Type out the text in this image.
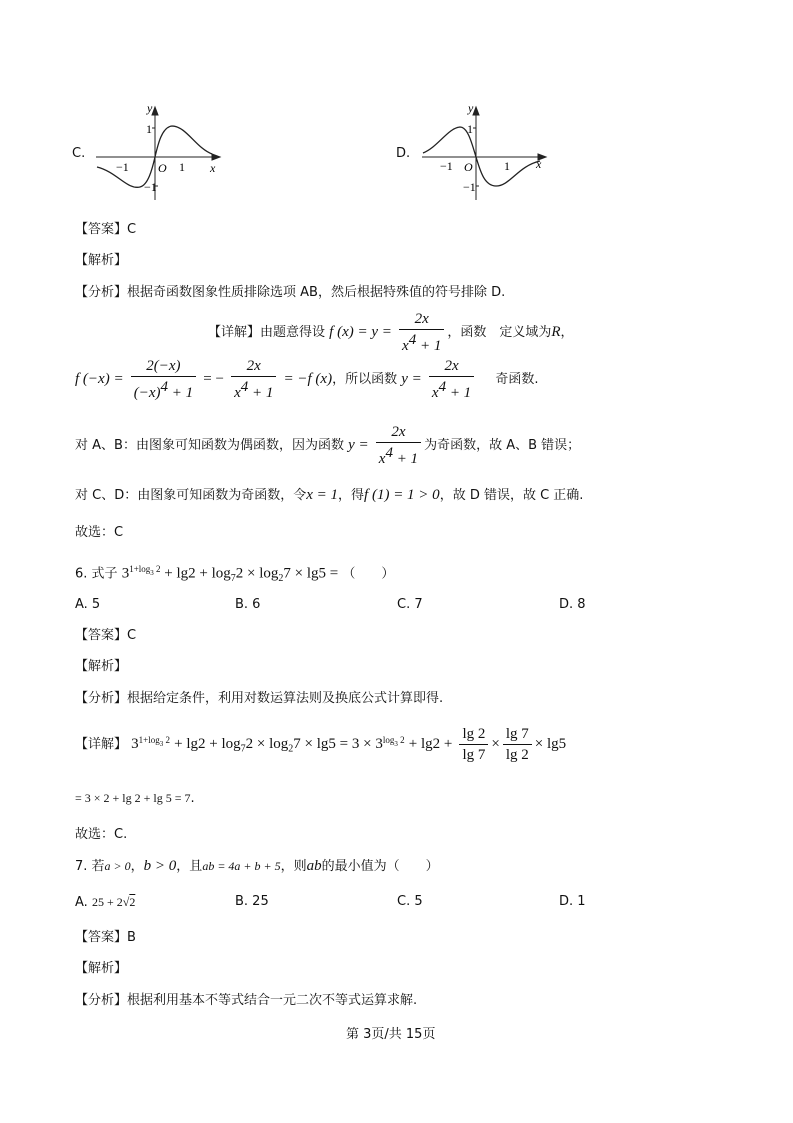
C.
y
x
1
−1
O 1
−1
D.
y
x
1
−1
O	1
−1
【答案】C
【解析】
【分析】根据奇函数图象性质排除选项 AB，然后根据特殊值的符号排除 D.
【详解】由题意得设 f $(x) = y = \frac{2x}{x^4 + 1}$ ，函数　定义域为R，
f $(-x) = \frac{2(-x)}{(-x)^4 + 1}$ = − $\frac{2x}{x^4 + 1} = -f$ (x)，所以函数 $y = \frac{2x}{x^4 + 1}$ 奇函数.
对 A、B：由图象可知函数为偶函数，因为函数 $y = \frac{2x}{x^4 + 1}$ 为奇函数，故 A、B 错误；
对 C、D：由图象可知函数为奇函数，令x = 1，得f (1) = 1 > 0，故 D 错误，故 C 正确.
故选：C
6. 式子 $3^{1+log_3 2} + \lg 2 + \log_72 \times \log_27 \times \lg 5$ = （　　）
A. 5	B. 6	C. 7	D. 8
【答案】C
【解析】
【分析】根据给定条件，利用对数运算法则及换底公式计算即得.
【详解】 $3^{1+log_3 2} + \lg 2 + \log_72 \times \log_27 \times \lg 5 = 3 \times 3^{log_3 2} + \lg 2 + \frac{\lg 2}{\lg 7} \times \frac{\lg 7}{\lg 2} \times \lg 5$
= 3 × 2 + lg 2 + lg 5 = 7.
故选：C.
7. 若a > 0，b > 0，且ab = 4a + b + 5，则ab的最小值为（　　）
A. 25 + 2√2	B. 25	C. 5	D. 1
【答案】B
【解析】
【分析】根据利用基本不等式结合一元二次不等式运算求解.
第 3页/共 15页
